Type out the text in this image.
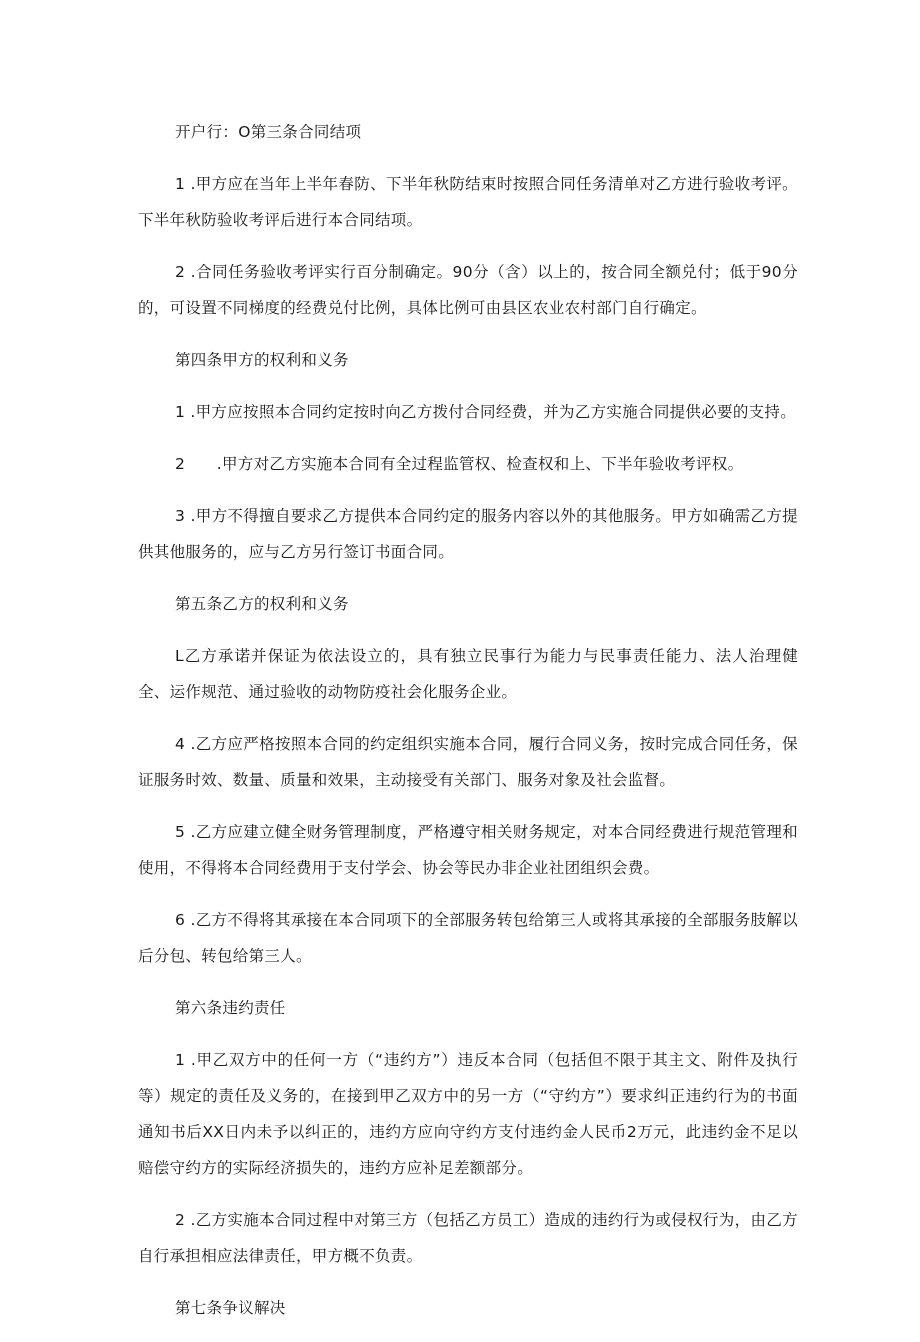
开户行：O第三条合同结项

1 .甲方应在当年上半年春防、下半年秋防结束时按照合同任务清单对乙方进行验收考评。下半年秋防验收考评后进行本合同结项。

2 .合同任务验收考评实行百分制确定。90分（含）以上的，按合同全额兑付；低于90分的，可设置不同梯度的经费兑付比例，具体比例可由县区农业农村部门自行确定。

第四条甲方的权利和义务

1 .甲方应按照本合同约定按时向乙方拨付合同经费，并为乙方实施合同提供必要的支持。

2　　.甲方对乙方实施本合同有全过程监管权、检查权和上、下半年验收考评权。

3 .甲方不得擅自要求乙方提供本合同约定的服务内容以外的其他服务。甲方如确需乙方提供其他服务的，应与乙方另行签订书面合同。

第五条乙方的权利和义务

L乙方承诺并保证为依法设立的，具有独立民事行为能力与民事责任能力、法人治理健全、运作规范、通过验收的动物防疫社会化服务企业。

4 .乙方应严格按照本合同的约定组织实施本合同，履行合同义务，按时完成合同任务，保证服务时效、数量、质量和效果，主动接受有关部门、服务对象及社会监督。

5 .乙方应建立健全财务管理制度，严格遵守相关财务规定，对本合同经费进行规范管理和使用，不得将本合同经费用于支付学会、协会等民办非企业社团组织会费。

6 .乙方不得将其承接在本合同项下的全部服务转包给第三人或将其承接的全部服务肢解以后分包、转包给第三人。

第六条违约责任

1 .甲乙双方中的任何一方（“违约方”）违反本合同（包括但不限于其主文、附件及执行等）规定的责任及义务的，在接到甲乙双方中的另一方（“守约方”）要求纠正违约行为的书面通知书后XX日内未予以纠正的，违约方应向守约方支付违约金人民币2万元，此违约金不足以赔偿守约方的实际经济损失的，违约方应补足差额部分。

2 .乙方实施本合同过程中对第三方（包括乙方员工）造成的违约行为或侵权行为，由乙方自行承担相应法律责任，甲方概不负责。

第七条争议解决
